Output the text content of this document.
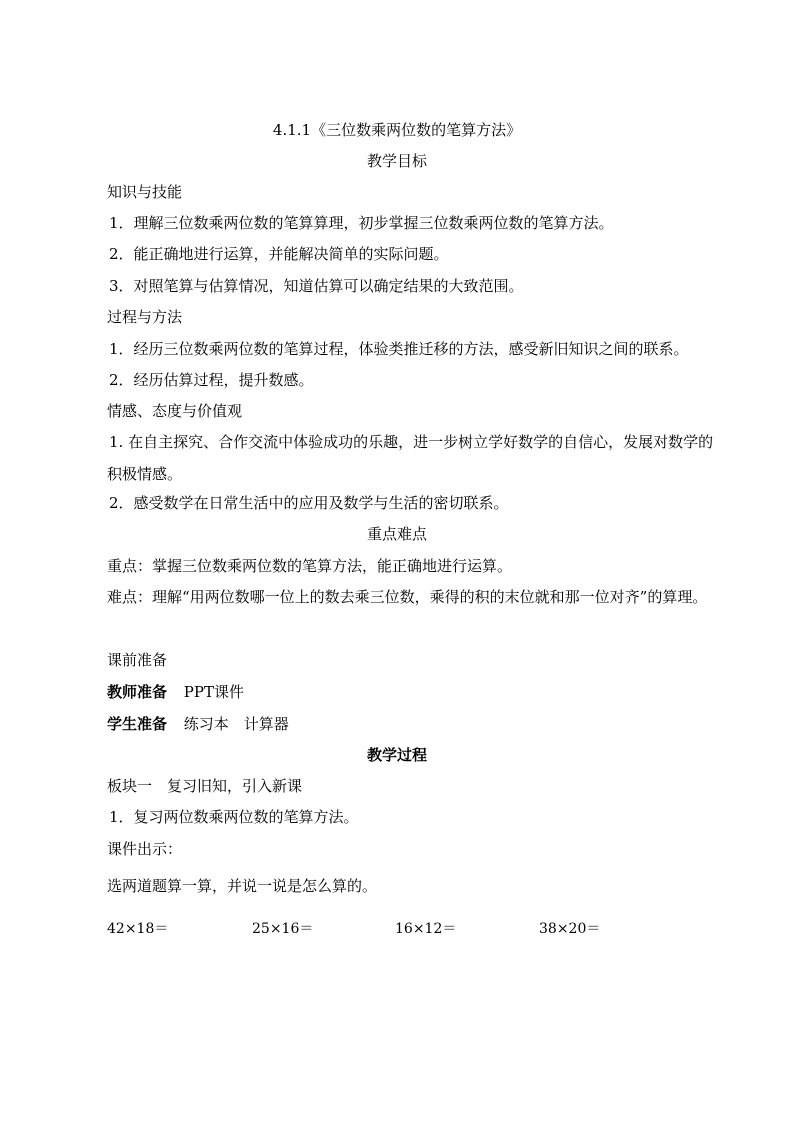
4.1.1《三位数乘两位数的笔算方法》
教学目标
知识与技能
1．理解三位数乘两位数的笔算算理，初步掌握三位数乘两位数的笔算方法。
2．能正确地进行运算，并能解决简单的实际问题。
3．对照笔算与估算情况，知道估算可以确定结果的大致范围。
过程与方法
1．经历三位数乘两位数的笔算过程，体验类推迁移的方法，感受新旧知识之间的联系。
2．经历估算过程，提升数感。
情感、态度与价值观
1. 在自主探究、合作交流中体验成功的乐趣，进一步树立学好数学的自信心，发展对数学的积极情感。
2．感受数学在日常生活中的应用及数学与生活的密切联系。
重点难点
重点：掌握三位数乘两位数的笔算方法，能正确地进行运算。
难点：理解“用两位数哪一位上的数去乘三位数，乘得的积的末位就和那一位对齐”的算理。
课前准备
教师准备 PPT课件
学生准备 练习本　计算器
教学过程
板块一　复习旧知，引入新课
1．复习两位数乘两位数的笔算方法。
课件出示：
选两道题算一算，并说一说是怎么算的。
42×18＝	25×16＝	16×12＝	38×20＝
